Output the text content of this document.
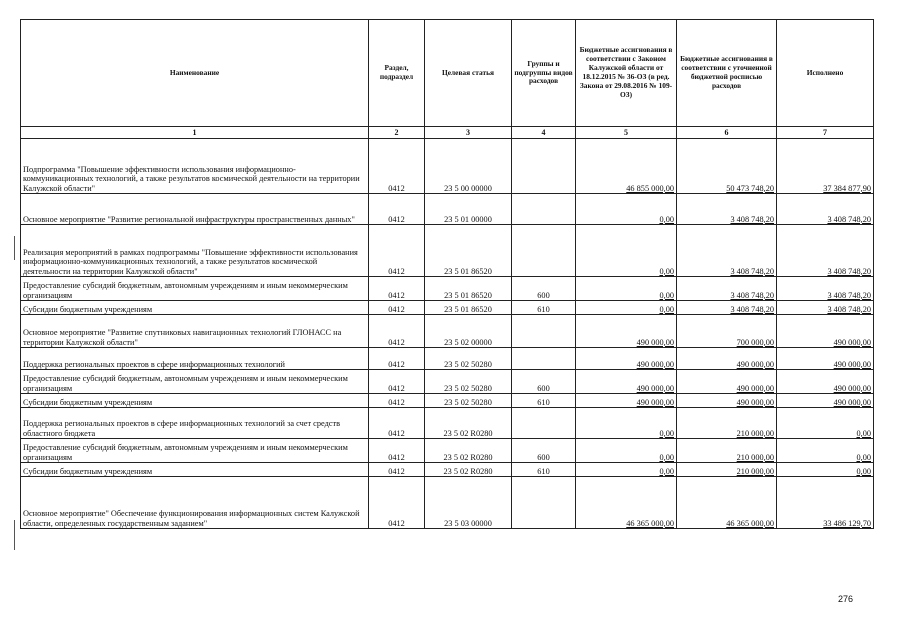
Наименование	Раздел, подраздел	Целевая статья	Группы и подгруппы видов расходов	Бюджетные ассигнования в соответствии с Законом Калужской области от 18.12.2015 № 36-ОЗ (в ред. Закона от 29.08.2016 № 109-ОЗ)	Бюджетные ассигнования в соответствии с уточненной бюджетной росписью расходов	Исполнено
1	2	3	4	5	6	7
Подпрограмма "Повышение эффективности использования информационно-коммуникационных технологий, а также результатов космической деятельности на территории Калужской области"	0412	23 5 00 00000		46 855 000,00	50 473 748,20	37 384 877,90
Основное мероприятие "Развитие региональной инфраструктуры пространственных данных"	0412	23 5 01 00000		0,00	3 408 748,20	3 408 748,20
Реализация мероприятий в рамках подпрограммы "Повышение эффективности использования информационно-коммуникационных технологий, а также результатов космической деятельности на территории Калужской области"	0412	23 5 01 86520		0,00	3 408 748,20	3 408 748,20
Предоставление субсидий бюджетным, автономным учреждениям и иным некоммерческим организациям	0412	23 5 01 86520	600	0,00	3 408 748,20	3 408 748,20
Субсидии бюджетным учреждениям	0412	23 5 01 86520	610	0,00	3 408 748,20	3 408 748,20
Основное мероприятие "Развитие спутниковых навигационных технологий ГЛОНАСС на территории Калужской области"	0412	23 5 02 00000		490 000,00	700 000,00	490 000,00
Поддержка региональных проектов в сфере информационных технологий	0412	23 5 02 50280		490 000,00	490 000,00	490 000,00
Предоставление субсидий бюджетным, автономным учреждениям и иным некоммерческим организациям	0412	23 5 02 50280	600	490 000,00	490 000,00	490 000,00
Субсидии бюджетным учреждениям	0412	23 5 02 50280	610	490 000,00	490 000,00	490 000,00
Поддержка региональных проектов в сфере информационных технологий за счет средств областного бюджета	0412	23 5 02 R0280		0,00	210 000,00	0,00
Предоставление субсидий бюджетным, автономным учреждениям и иным некоммерческим организациям	0412	23 5 02 R0280	600	0,00	210 000,00	0,00
Субсидии бюджетным учреждениям	0412	23 5 02 R0280	610	0,00	210 000,00	0,00
Основное мероприятие" Обеспечение функционирования информационных систем Калужской области, определенных государственным заданием"	0412	23 5 03 00000		46 365 000,00	46 365 000,00	33 486 129,70
276
